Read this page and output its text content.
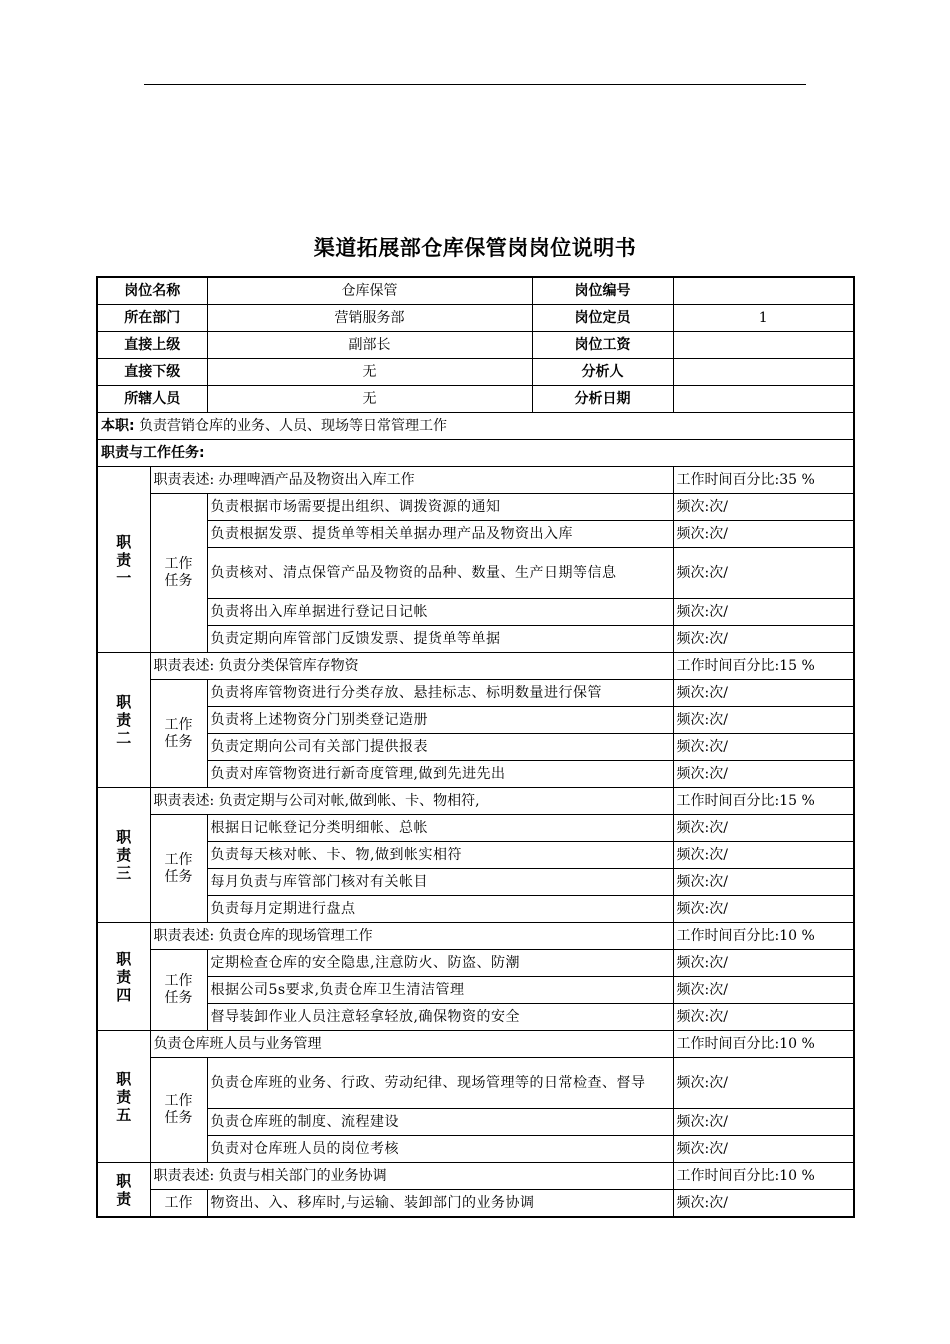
渠道拓展部仓库保管岗岗位说明书
岗位名称		仓库保管	岗位编号	
所在部门		营销服务部	岗位定员	1
直接上级		副部长	岗位工资	
直接下级		无	分析人	
所辖人员		无	分析日期	
本职: 负责营销仓库的业务、人员、现场等日常管理工作				
职责与工作任务:				
职责一	职责表述: 办理啤酒产品及物资出入库工作			工作时间百分比:35 %
	工作任务	负责根据市场需要提出组织、调拨资源的通知		频次:次/
		负责根据发票、提货单等相关单据办理产品及物资出入库		频次:次/
		负责核对、清点保管产品及物资的品种、数量、生产日期等信息		频次:次/
		负责将出入库单据进行登记日记帐		频次:次/
		负责定期向库管部门反馈发票、提货单等单据		频次:次/
职责二	职责表述: 负责分类保管库存物资			工作时间百分比:15 %
	工作任务	负责将库管物资进行分类存放、悬挂标志、标明数量进行保管		频次:次/
		负责将上述物资分门别类登记造册		频次:次/
		负责定期向公司有关部门提供报表		频次:次/
		负责对库管物资进行新奇度管理,做到先进先出		频次:次/
职责三	职责表述: 负责定期与公司对帐,做到帐、卡、物相符,			工作时间百分比:15 %
	工作任务	根据日记帐登记分类明细帐、总帐		频次:次/
		负责每天核对帐、卡、物,做到帐实相符		频次:次/
		每月负责与库管部门核对有关帐目		频次:次/
		负责每月定期进行盘点		频次:次/
职责四	职责表述: 负责仓库的现场管理工作			工作时间百分比:10 %
	工作任务	定期检查仓库的安全隐患,注意防火、防盗、防潮		频次:次/
		根据公司5s要求,负责仓库卫生清洁管理		频次:次/
		督导装卸作业人员注意轻拿轻放,确保物资的安全		频次:次/
职责五	负责仓库班人员与业务管理			工作时间百分比:10 %
	工作任务	负责仓库班的业务、行政、劳动纪律、现场管理等的日常检查、督导		频次:次/
		负责仓库班的制度、流程建设		频次:次/
		负责对仓库班人员的岗位考核		频次:次/
职责	职责表述: 负责与相关部门的业务协调			工作时间百分比:10 %
	工作	物资出、入、移库时,与运输、装卸部门的业务协调		频次:次/
